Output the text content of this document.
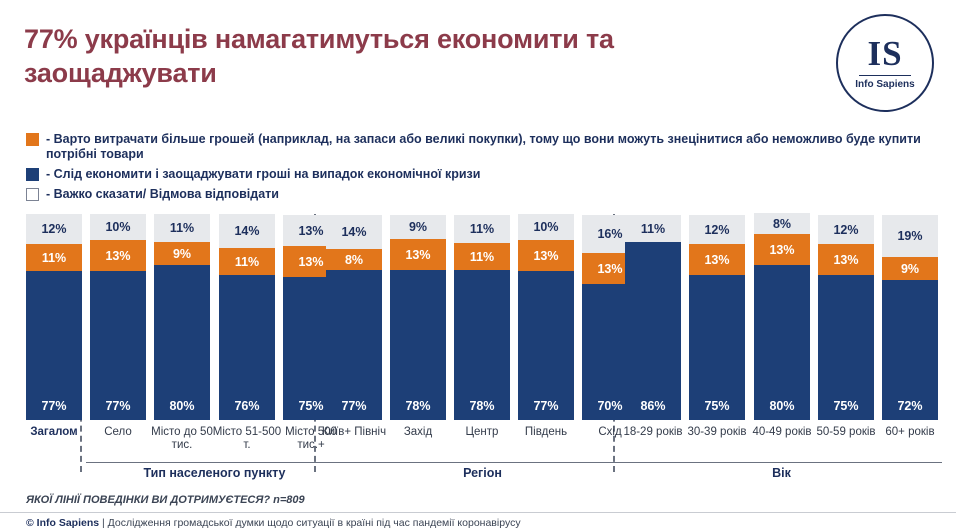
77% українців намагатимуться економити та заощаджувати
IS
Info Sapiens
- Варто витрачати більше грошей (наприклад, на запаси або великі покупки), тому що вони можуть знецінитися або неможливо буде купити потрібні товари
- Слід економити і заощаджувати гроші на випадок економічної кризи
- Важко сказати/ Відмова відповідати
12%
11%
77%
Загалом
10%
13%
77%
Село
11%
9%
80%
Місто до 50 тис.
14%
11%
76%
Місто 51-500 т.
13%
13%
75%
Місто 500 тис.+
14%
8%
77%
Київ+ Північ
9%
13%
78%
Захід
11%
11%
78%
Центр
10%
13%
77%
Південь
16%
13%
70%
Схід
11%
86%
18-29 років
12%
13%
75%
30-39 років
8%
13%
80%
40-49 років
12%
13%
75%
50-59 років
19%
9%
72%
60+ років
Тип населеного пункту	Регіон	Вік
ЯКОЇ ЛІНІЇ ПОВЕДІНКИ ВИ ДОТРИМУЄТЕСЯ? n=809
© Info Sapiens | Дослідження громадської думки щодо ситуації в країні під час пандемії коронавірусу
